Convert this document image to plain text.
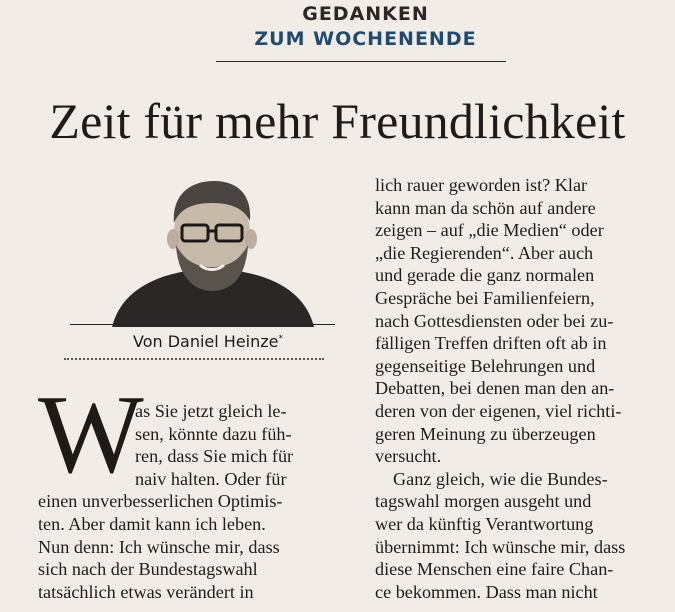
GEDANKEN
ZUM WOCHENENDE
Zeit für mehr Freundlichkeit
Von Daniel Heinze*
W
as Sie jetzt gleich le-
sen, könnte dazu füh-
ren, dass Sie mich für
naiv halten. Oder für
einen unverbesserlichen Optimis-
ten. Aber damit kann ich leben.
Nun denn: Ich wünsche mir, dass
sich nach der Bundestagswahl
tatsächlich etwas verändert in
lich rauer geworden ist? Klar
kann man da schön auf andere
zeigen – auf „die Medien“ oder
„die Regierenden“. Aber auch
und gerade die ganz normalen
Gespräche bei Familienfeiern,
nach Gottesdiensten oder bei zu-
fälligen Treffen driften oft ab in
gegenseitige Belehrungen und
Debatten, bei denen man den an-
deren von der eigenen, viel richti-
geren Meinung zu überzeugen
versucht.
Ganz gleich, wie die Bundes-
tagswahl morgen ausgeht und
wer da künftig Verantwortung
übernimmt: Ich wünsche mir, dass
diese Menschen eine faire Chan-
ce bekommen. Dass man nicht
